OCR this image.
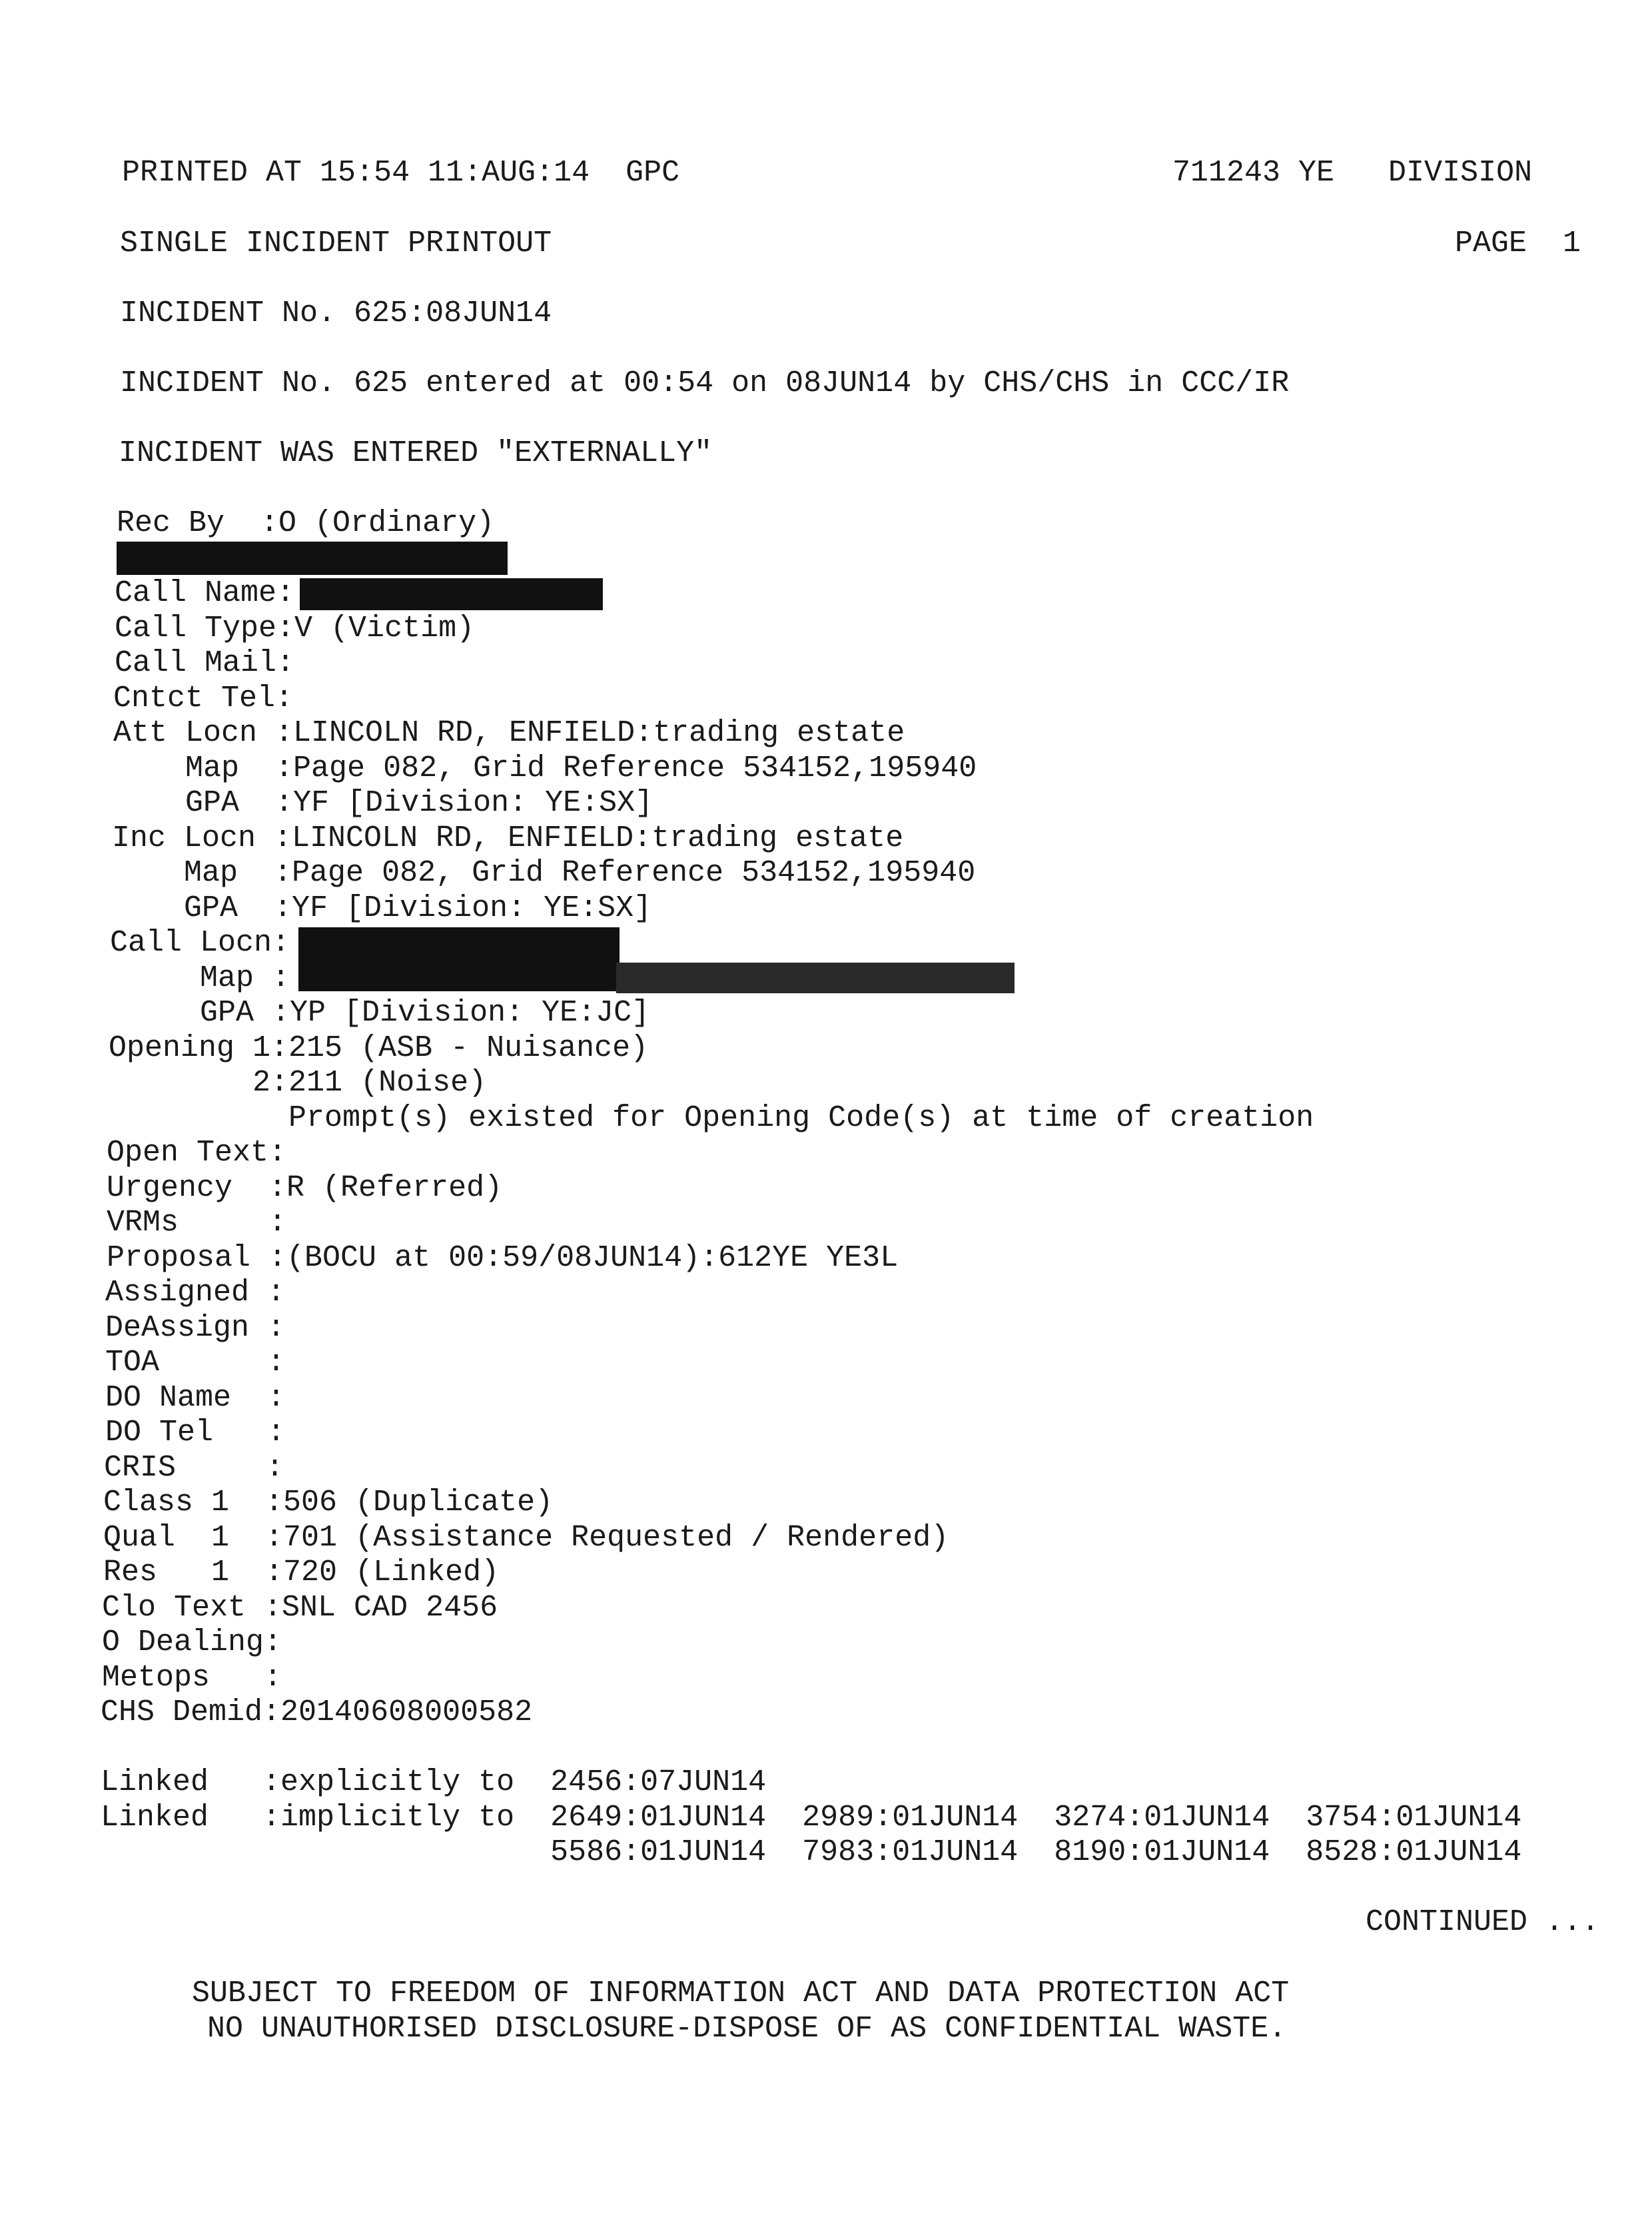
PRINTED AT 15:54 11:AUG:14  GPC	711243 YE   DIVISION
SINGLE INCIDENT PRINTOUT	PAGE  1
INCIDENT No. 625:08JUN14
INCIDENT No. 625 entered at 00:54 on 08JUN14 by CHS/CHS in CCC/IR
INCIDENT WAS ENTERED "EXTERNALLY"
Rec By  :O (Ordinary)
Call Name:
Call Type:V (Victim)
Call Mail:
Cntct Tel:
Att Locn :LINCOLN RD, ENFIELD:trading estate
Map  :Page 082, Grid Reference 534152,195940
GPA  :YF [Division: YE:SX]
Inc Locn :LINCOLN RD, ENFIELD:trading estate
Map  :Page 082, Grid Reference 534152,195940
GPA  :YF [Division: YE:SX]
Call Locn:
Map :
GPA :YP [Division: YE:JC]
Opening 1:215 (ASB - Nuisance)
2:211 (Noise)
Prompt(s) existed for Opening Code(s) at time of creation
Open Text:
Urgency  :R (Referred)
VRMs     :
Proposal :(BOCU at 00:59/08JUN14):612YE YE3L
Assigned :
DeAssign :
TOA      :
DO Name  :
DO Tel   :
CRIS     :
Class 1  :506 (Duplicate)
Qual  1  :701 (Assistance Requested / Rendered)
Res   1  :720 (Linked)
Clo Text :SNL CAD 2456
O Dealing:
Metops   :
CHS Demid:20140608000582
Linked   :explicitly to  2456:07JUN14
Linked   :implicitly to  2649:01JUN14  2989:01JUN14  3274:01JUN14  3754:01JUN14
5586:01JUN14  7983:01JUN14  8190:01JUN14  8528:01JUN14
CONTINUED ...
SUBJECT TO FREEDOM OF INFORMATION ACT AND DATA PROTECTION ACT
NO UNAUTHORISED DISCLOSURE-DISPOSE OF AS CONFIDENTIAL WASTE.
